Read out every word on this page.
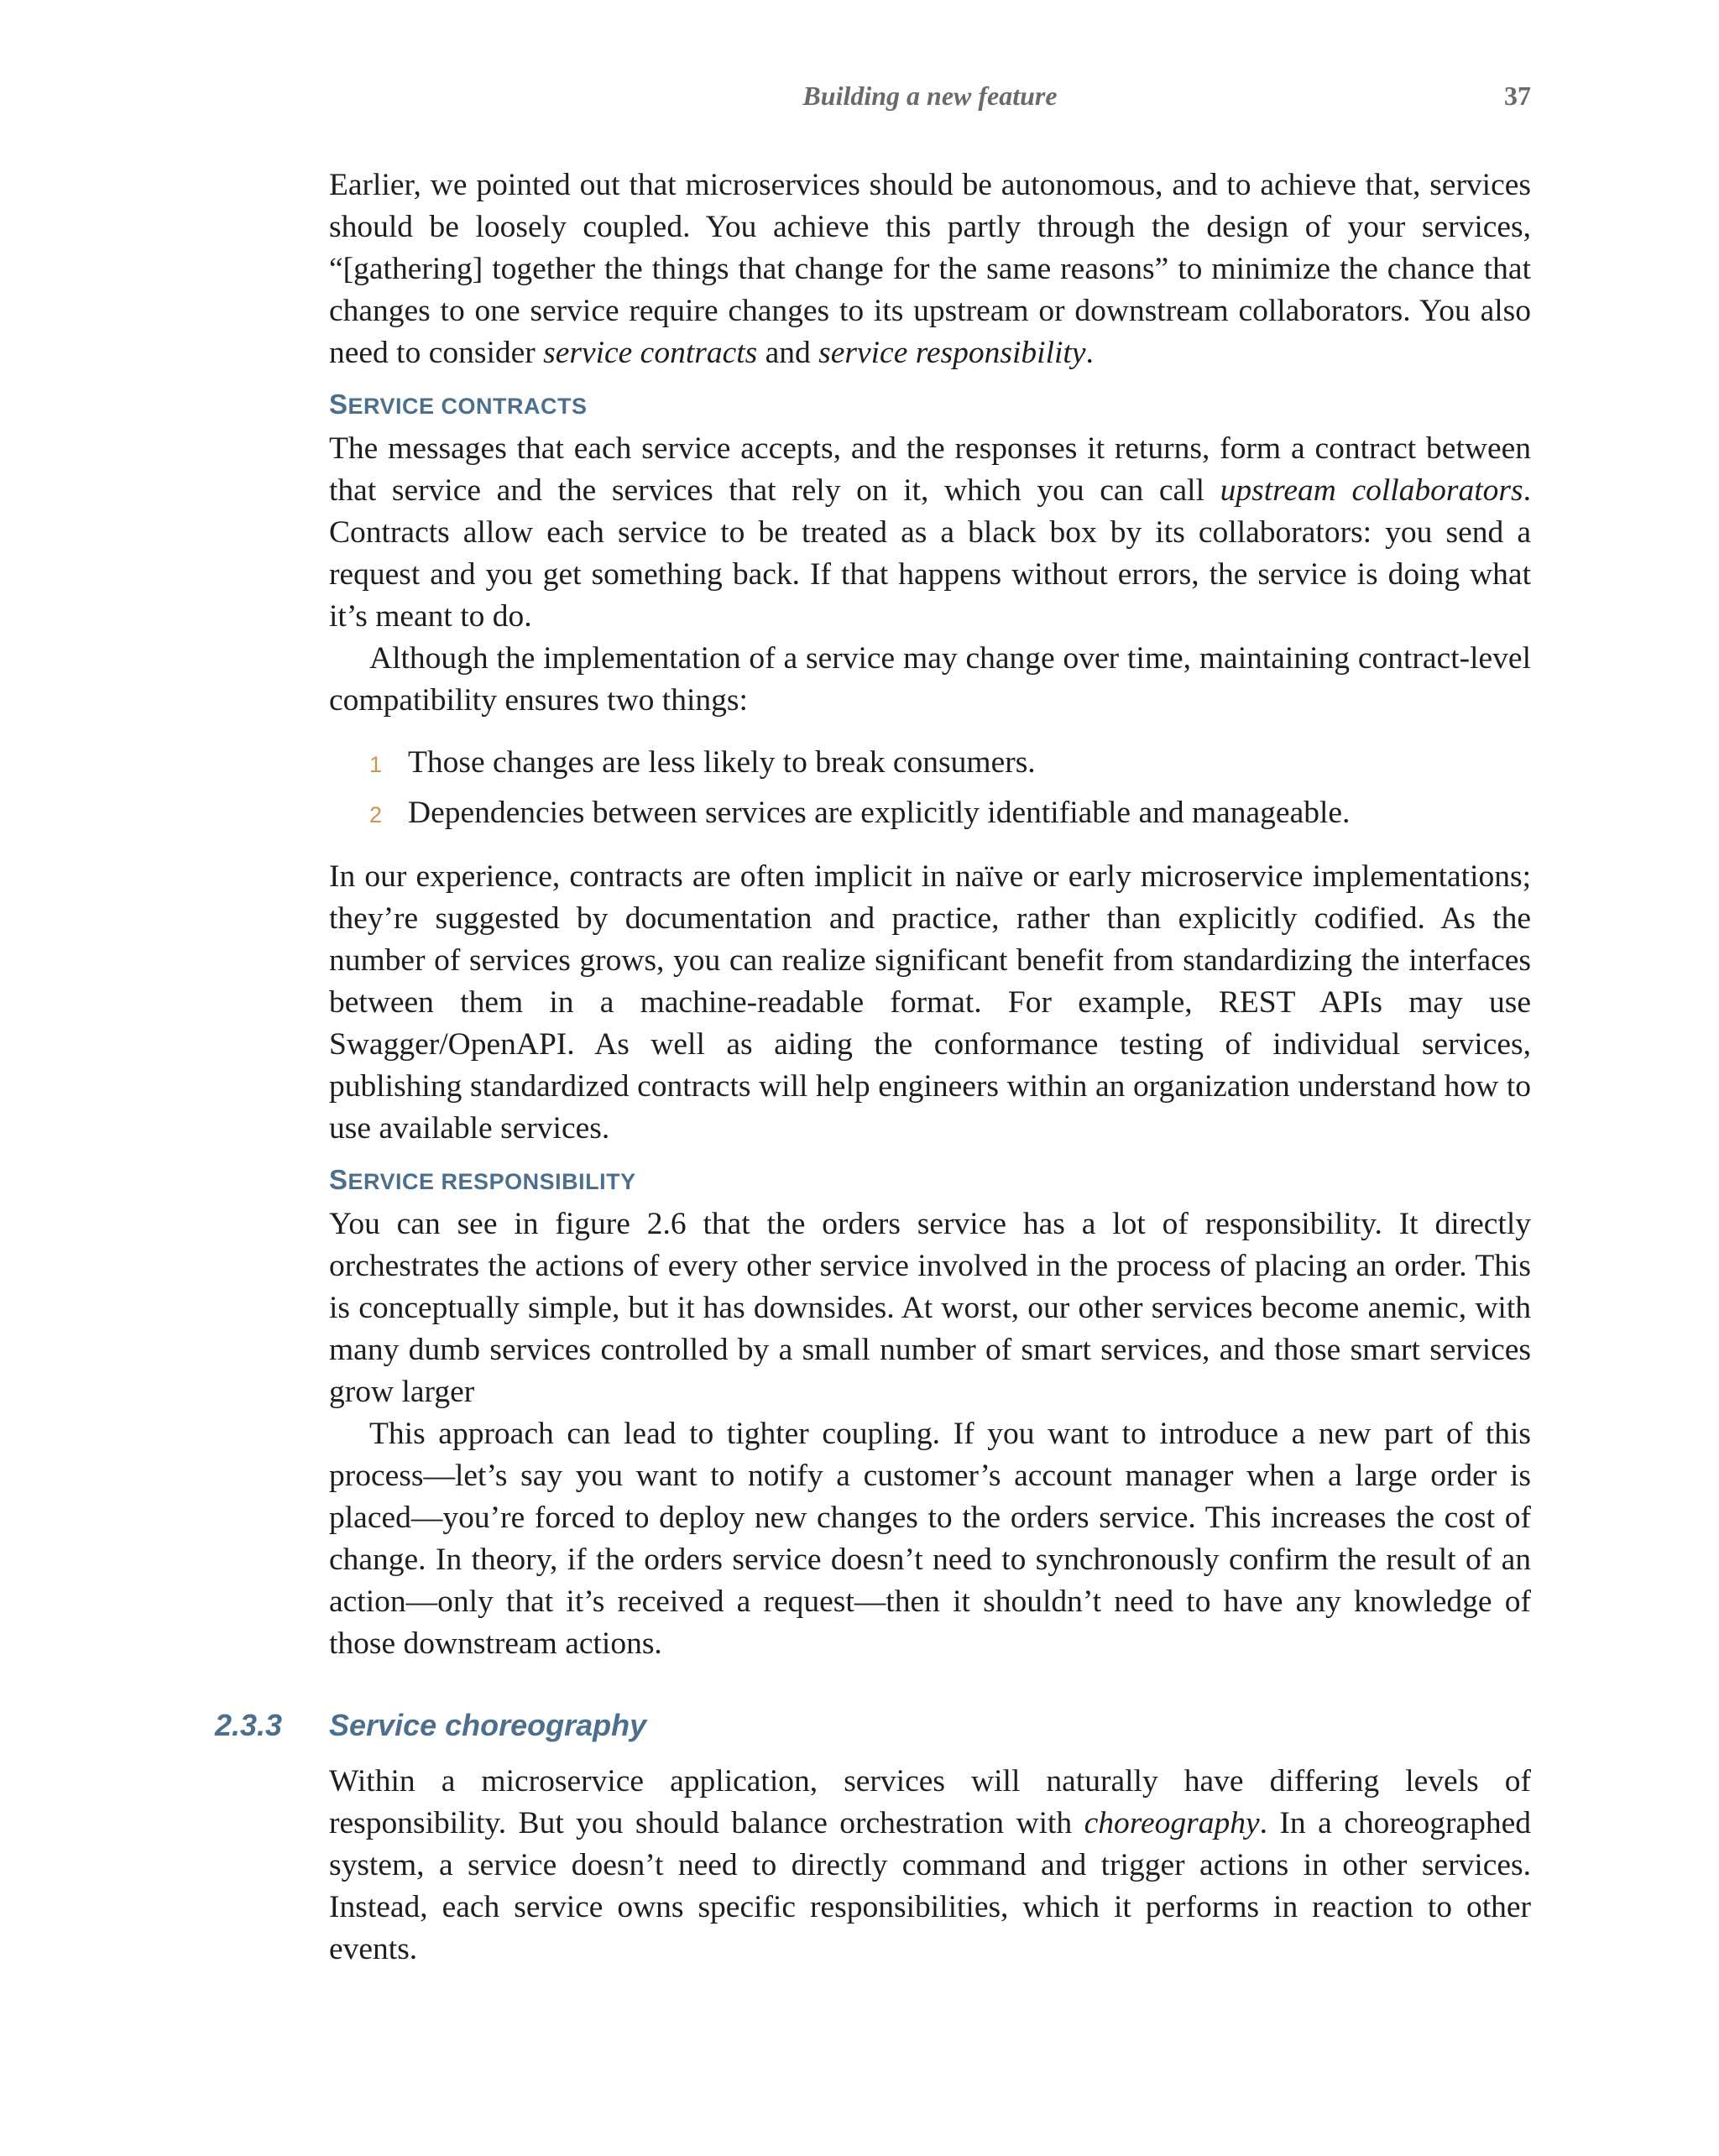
Building a new feature	37

Earlier, we pointed out that microservices should be autonomous, and to achieve that, services should be loosely coupled. You achieve this partly through the design of your services, “[gathering] together the things that change for the same reasons” to minimize the chance that changes to one service require changes to its upstream or downstream collaborators. You also need to consider service contracts and service responsibility.

SERVICE CONTRACTS

The messages that each service accepts, and the responses it returns, form a contract between that service and the services that rely on it, which you can call upstream collaborators. Contracts allow each service to be treated as a black box by its collaborators: you send a request and you get something back. If that happens without errors, the service is doing what it’s meant to do.

Although the implementation of a service may change over time, maintaining contract-level compatibility ensures two things:

1 Those changes are less likely to break consumers.
2 Dependencies between services are explicitly identifiable and manageable.

In our experience, contracts are often implicit in naïve or early microservice implementations; they’re suggested by documentation and practice, rather than explicitly codified. As the number of services grows, you can realize significant benefit from standardizing the interfaces between them in a machine-readable format. For example, REST APIs may use Swagger/OpenAPI. As well as aiding the conformance testing of individual services, publishing standardized contracts will help engineers within an organization understand how to use available services.

SERVICE RESPONSIBILITY

You can see in figure 2.6 that the orders service has a lot of responsibility. It directly orchestrates the actions of every other service involved in the process of placing an order. This is conceptually simple, but it has downsides. At worst, our other services become anemic, with many dumb services controlled by a small number of smart services, and those smart services grow larger

This approach can lead to tighter coupling. If you want to introduce a new part of this process—let’s say you want to notify a customer’s account manager when a large order is placed—you’re forced to deploy new changes to the orders service. This increases the cost of change. In theory, if the orders service doesn’t need to synchronously confirm the result of an action—only that it’s received a request—then it shouldn’t need to have any knowledge of those downstream actions.

2.3.3 Service choreography

Within a microservice application, services will naturally have differing levels of responsibility. But you should balance orchestration with choreography. In a choreographed system, a service doesn’t need to directly command and trigger actions in other services. Instead, each service owns specific responsibilities, which it performs in reaction to other events.
